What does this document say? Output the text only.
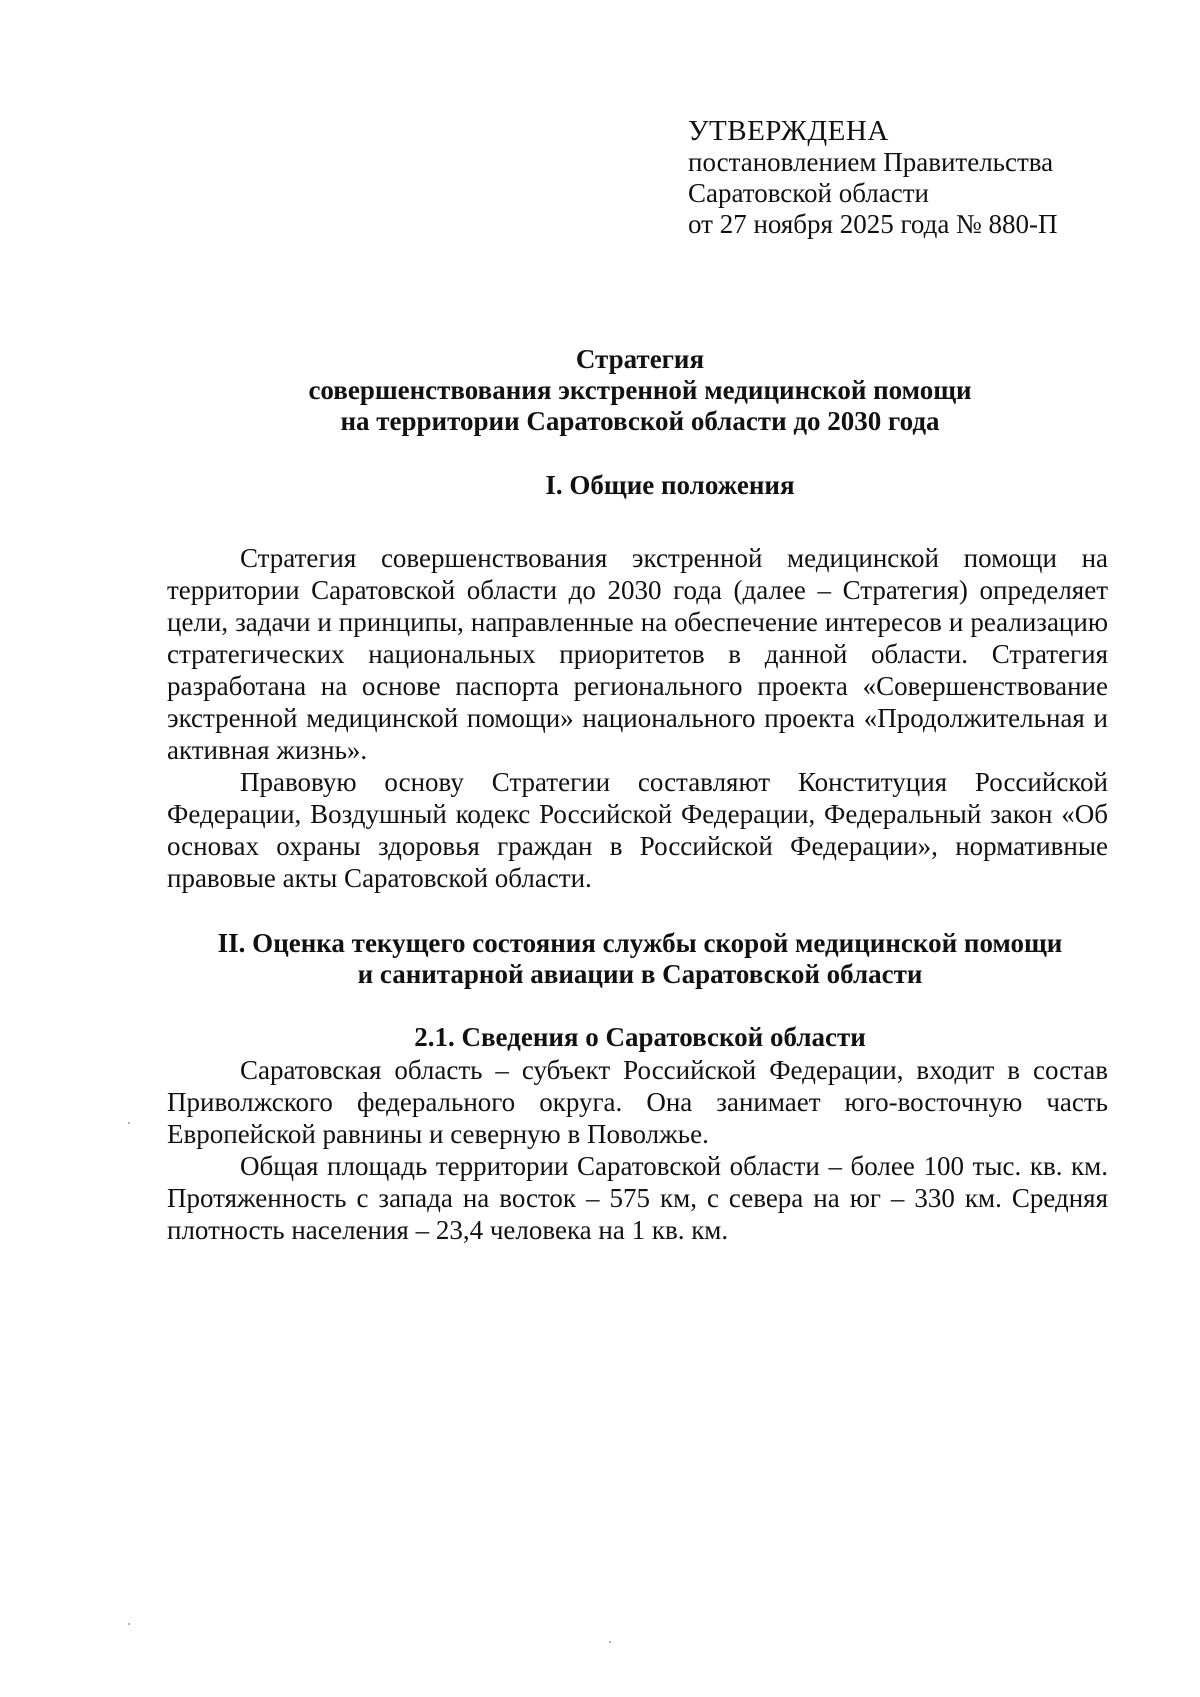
УТВЕРЖДЕНА
постановлением Правительства
Саратовской области
от 27 ноября 2025 года № 880-П
Стратегия
совершенствования экстренной медицинской помощи
на территории Саратовской области до 2030 года
I. Общие положения

Стратегия совершенствования экстренной медицинской помощи на территории Саратовской области до 2030 года (далее – Стратегия) определяет цели, задачи и принципы, направленные на обеспечение интересов и реализацию стратегических национальных приоритетов в данной области. Стратегия разработана на основе паспорта регионального проекта «Совершенствование экстренной медицинской помощи» национального проекта «Продолжительная и активная жизнь».

Правовую основу Стратегии составляют Конституция Российской Федерации, Воздушный кодекс Российской Федерации, Федеральный закон «Об основах охраны здоровья граждан в Российской Федерации», нормативные правовые акты Саратовской области.

II. Оценка текущего состояния службы скорой медицинской помощи
и санитарной авиации в Саратовской области
2.1. Сведения о Саратовской области

Саратовская область – субъект Российской Федерации, входит в состав Приволжского федерального округа. Она занимает юго-восточную часть Европейской равнины и северную в Поволжье.

Общая площадь территории Саратовской области – более 100 тыс. кв. км. Протяженность с запада на восток – 575 км, с севера на юг – 330 км. Средняя плотность населения – 23,4 человека на 1 кв. км.
